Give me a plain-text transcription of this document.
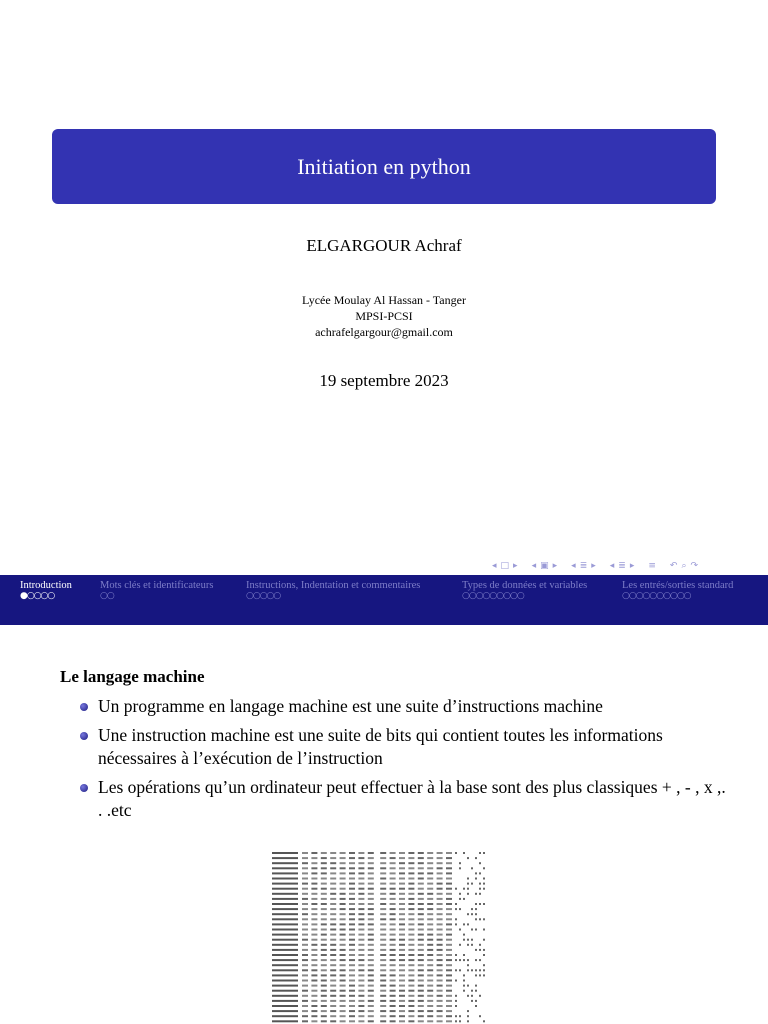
Initiation en python
ELGARGOUR Achraf
Lycée Moulay Al Hassan - Tanger
MPSI-PCSI
achrafelgargour@gmail.com
19 septembre 2023
◂ □ ▸ ◂ ▣ ▸ ◂ ≣ ▸ ◂ ≣ ▸ ≡ ↶ ⌕ ↷
Introduction
●○○○○
Mots clés et identificateurs
○○
Instructions, Indentation et commentaires
○○○○○
Types de données et variables
○○○○○○○○○
Les entrés/sorties standard
○○○○○○○○○○
Le langage machine
Un programme en langage machine est une suite d’instructions machine
Une instruction machine est une suite de bits qui contient toutes les informations nécessaires à l’exécution de l’instruction
Les opérations qu’un ordinateur peut effectuer à la base sont des plus classiques + , - , x ,. . .etc
